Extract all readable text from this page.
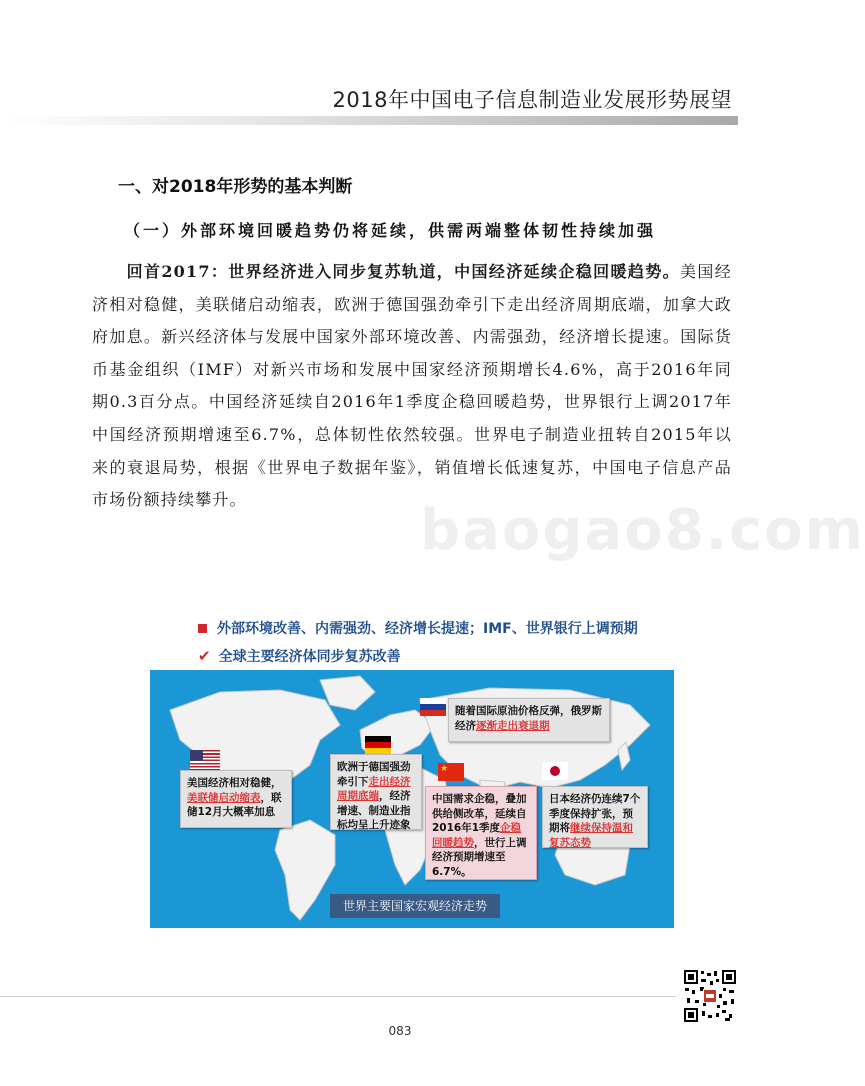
2018年中国电子信息制造业发展形势展望
一、对2018年形势的基本判断
（一）外部环境回暖趋势仍将延续，供需两端整体韧性持续加强

  回首2017：世界经济进入同步复苏轨道，中国经济延续企稳回暖趋势。美国经济相对稳健，美联储启动缩表，欧洲于德国强劲牵引下走出经济周期底端，加拿大政府加息。新兴经济体与发展中国家外部环境改善、内需强劲，经济增长提速。国际货币基金组织（IMF）对新兴市场和发展中国家经济预期增长4.6%，高于2016年同期0.3百分点。中国经济延续自2016年1季度企稳回暖趋势，世界银行上调2017年中国经济预期增速至6.7%，总体韧性依然较强。世界电子制造业扭转自2015年以来的衰退局势，根据《世界电子数据年鉴》，销值增长低速复苏，中国电子信息产品市场份额持续攀升。	baogao8.com
外部环境改善、内需强劲、经济增长提速；IMF、世界银行上调预期
✔ 全球主要经济体同步复苏改善
随着国际原油价格反弹，俄罗斯经济逐渐走出衰退期
美国经济相对稳健，美联储启动缩表，联储12月大概率加息
欧洲于德国强劲牵引下走出经济周期底端，经济增速、制造业指标均呈上升迹象
★
中国需求企稳，叠加供给侧改革，延续自2016年1季度企稳回暖趋势，世行上调经济预期增速至6.7%。
日本经济仍连续7个季度保持扩张，预期将继续保持温和复苏态势
世界主要国家宏观经济走势
083
